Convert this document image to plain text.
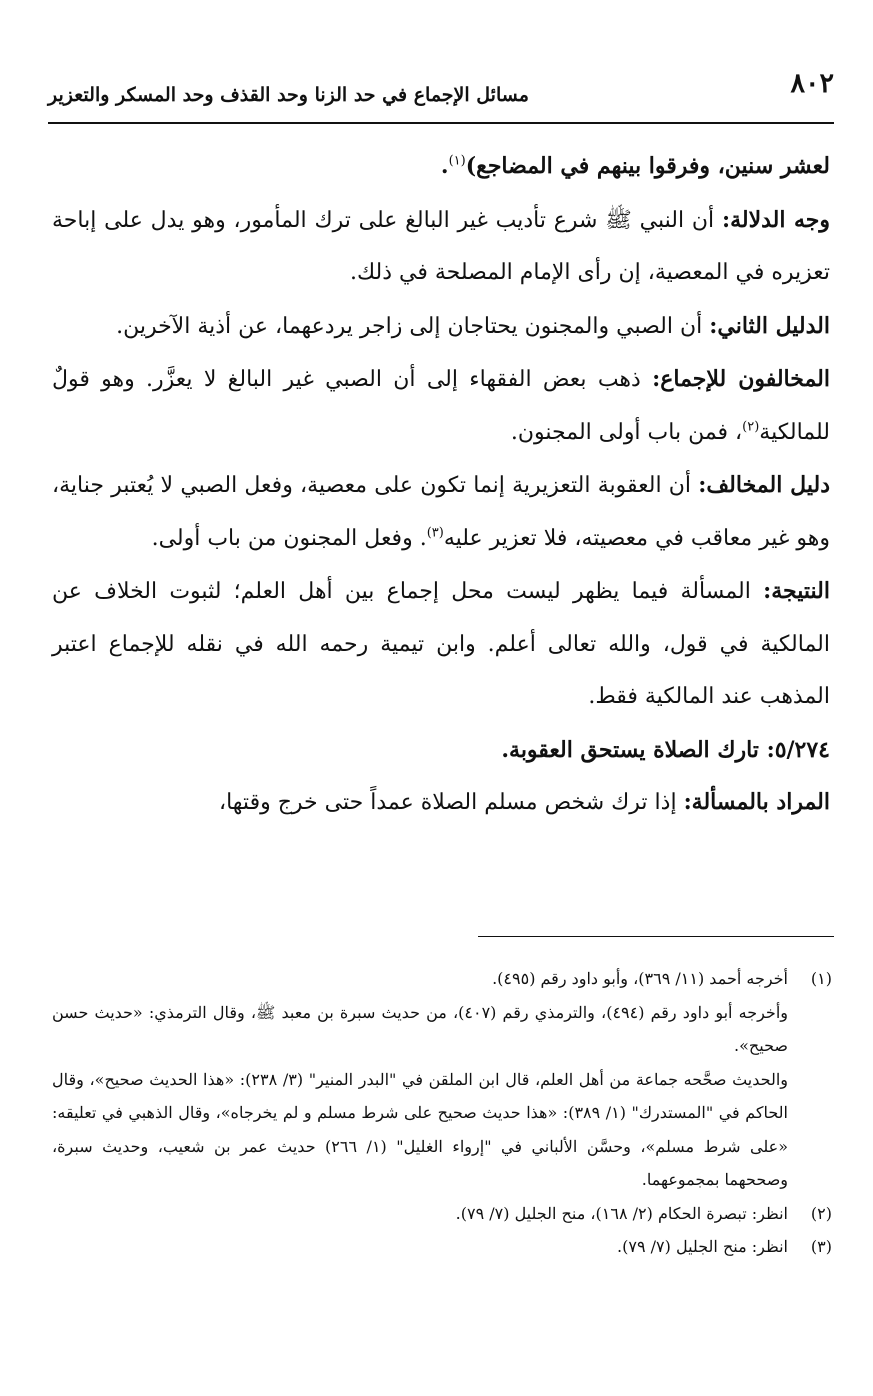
٨٠٢
مسائل الإجماع في حد الزنا وحد القذف وحد المسكر والتعزير

لعشر سنين، وفرقوا بينهم في المضاجع)$^{(١)}$.

وجه الدلالة: أن النبي ﷺ شرع تأديب غير البالغ على ترك المأمور، وهو يدل على إباحة تعزيره في المعصية، إن رأى الإمام المصلحة في ذلك.

الدليل الثاني: أن الصبي والمجنون يحتاجان إلى زاجر يردعهما، عن أذية الآخرين.

المخالفون للإجماع: ذهب بعض الفقهاء إلى أن الصبي غير البالغ لا يعزَّر. وهو قولٌ للمالكية$^{(٢)}$، فمن باب أولى المجنون.

دليل المخالف: أن العقوبة التعزيرية إنما تكون على معصية، وفعل الصبي لا يُعتبر جناية، وهو غير معاقب في معصيته، فلا تعزير عليه$^{(٣)}$. وفعل المجنون من باب أولى.

النتيجة: المسألة فيما يظهر ليست محل إجماع بين أهل العلم؛ لثبوت الخلاف عن المالكية في قول، والله تعالى أعلم. وابن تيمية رحمه الله في نقله للإجماع اعتبر المذهب عند المالكية فقط.

٥/٢٧٤: تارك الصلاة يستحق العقوبة.

المراد بالمسألة: إذا ترك شخص مسلم الصلاة عمداً حتى خرج وقتها،

(١)

أخرجه أحمد (١١/ ٣٦٩)، وأبو داود رقم (٤٩٥).

وأخرجه أبو داود رقم (٤٩٤)، والترمذي رقم (٤٠٧)، من حديث سبرة بن معبد ﷺ، وقال الترمذي: «حديث حسن صحيح».

والحديث صحَّحه جماعة من أهل العلم، قال ابن الملقن في "البدر المنير" (٣/ ٢٣٨): «هذا الحديث صحيح»، وقال الحاكم في "المستدرك" (١/ ٣٨٩): «هذا حديث صحيح على شرط مسلم و لم يخرجاه»، وقال الذهبي في تعليقه: «على شرط مسلم»، وحسَّن الألباني في "إرواء الغليل" (١/ ٢٦٦) حديث عمر بن شعيب، وحديث سبرة، وصححهما بمجموعهما.

(٢)

انظر: تبصرة الحكام (٢/ ١٦٨)، منح الجليل (٧/ ٧٩).

(٣)

انظر: منح الجليل (٧/ ٧٩).
